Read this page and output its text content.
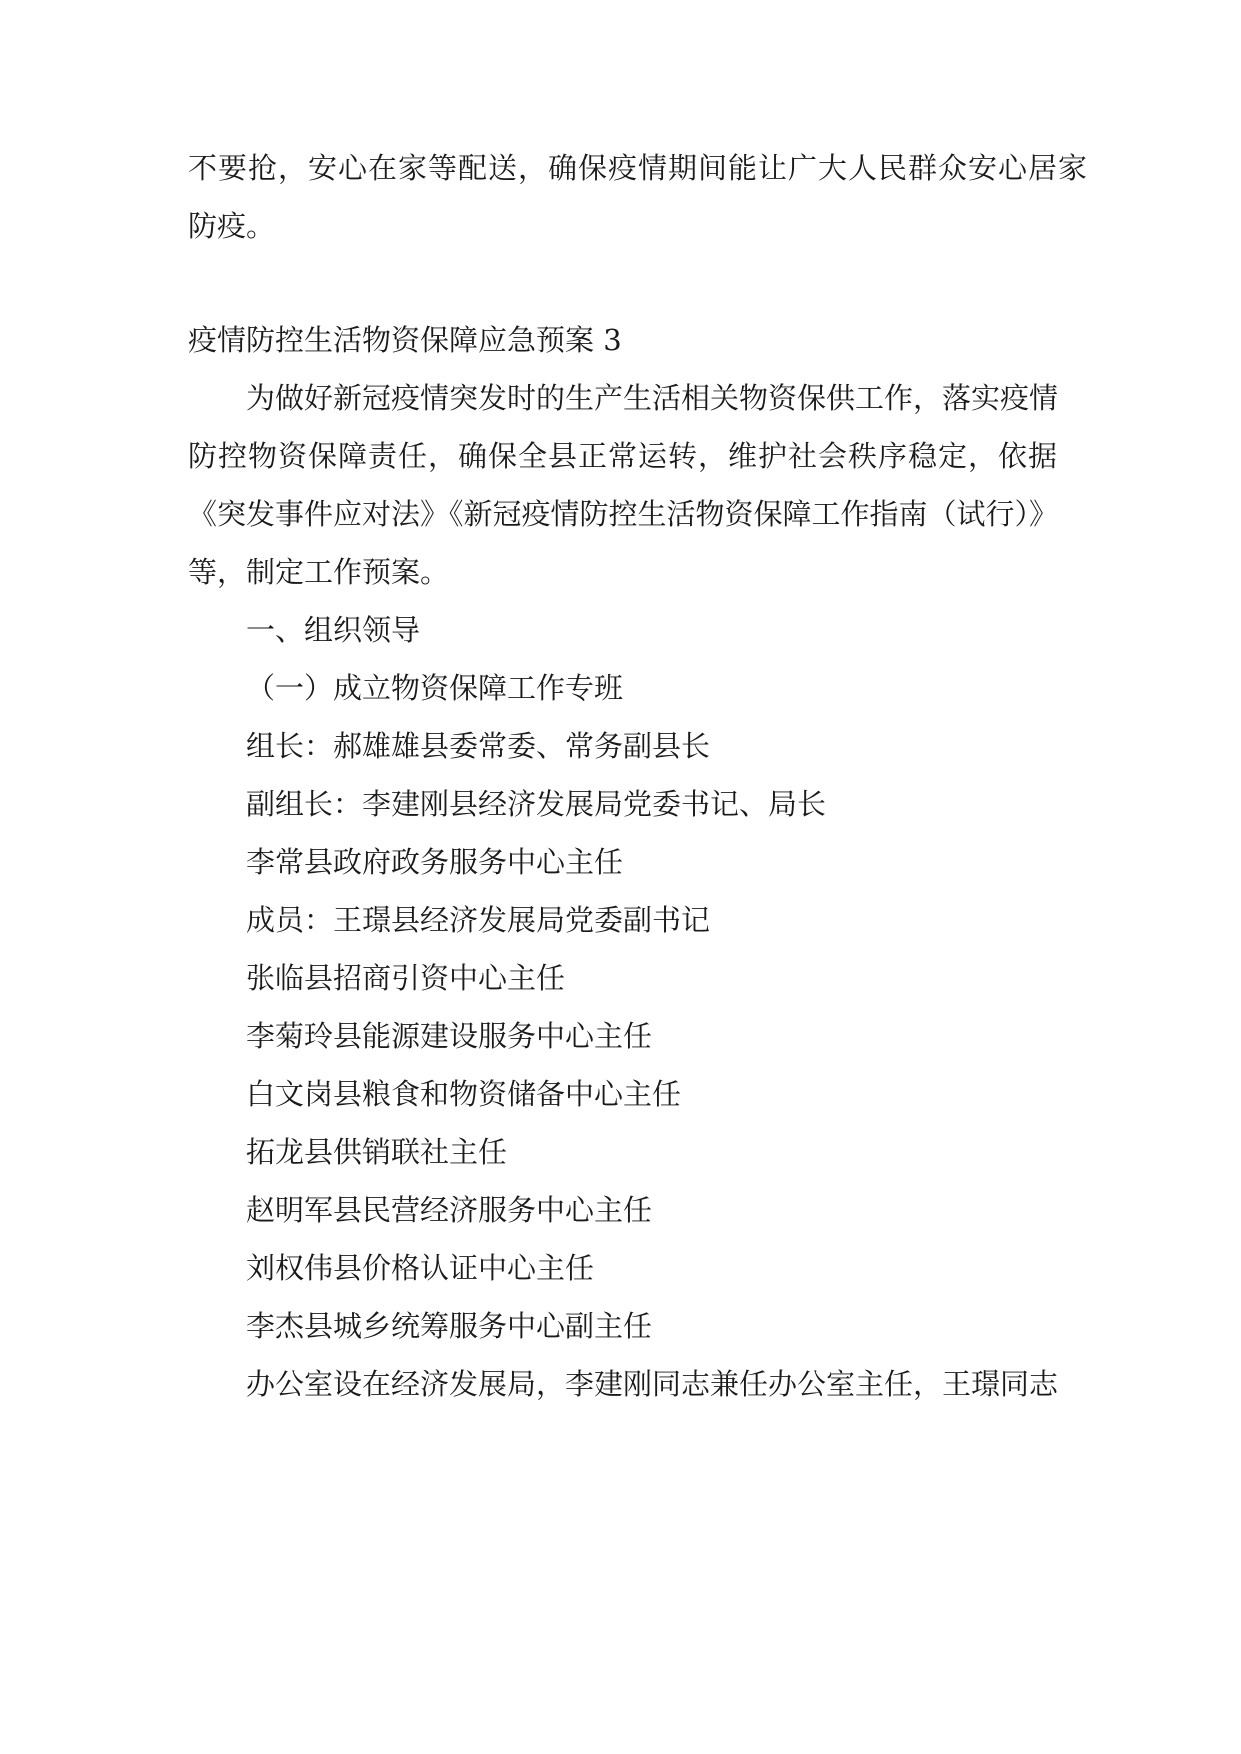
不要抢，安心在家等配送，确保疫情期间能让广大人民群众安心居家
防疫。
疫情防控生活物资保障应急预案 3
为做好新冠疫情突发时的生产生活相关物资保供工作，落实疫情
防控物资保障责任，确保全县正常运转，维护社会秩序稳定，依据
《突发事件应对法》《新冠疫情防控生活物资保障工作指南（试行）》
等，制定工作预案。
一、组织领导
（一）成立物资保障工作专班
组长：郝雄雄县委常委、常务副县长
副组长：李建刚县经济发展局党委书记、局长
李常县政府政务服务中心主任
成员：王璟县经济发展局党委副书记
张临县招商引资中心主任
李菊玲县能源建设服务中心主任
白文岗县粮食和物资储备中心主任
拓龙县供销联社主任
赵明军县民营经济服务中心主任
刘权伟县价格认证中心主任
李杰县城乡统筹服务中心副主任
办公室设在经济发展局，李建刚同志兼任办公室主任，王璟同志
